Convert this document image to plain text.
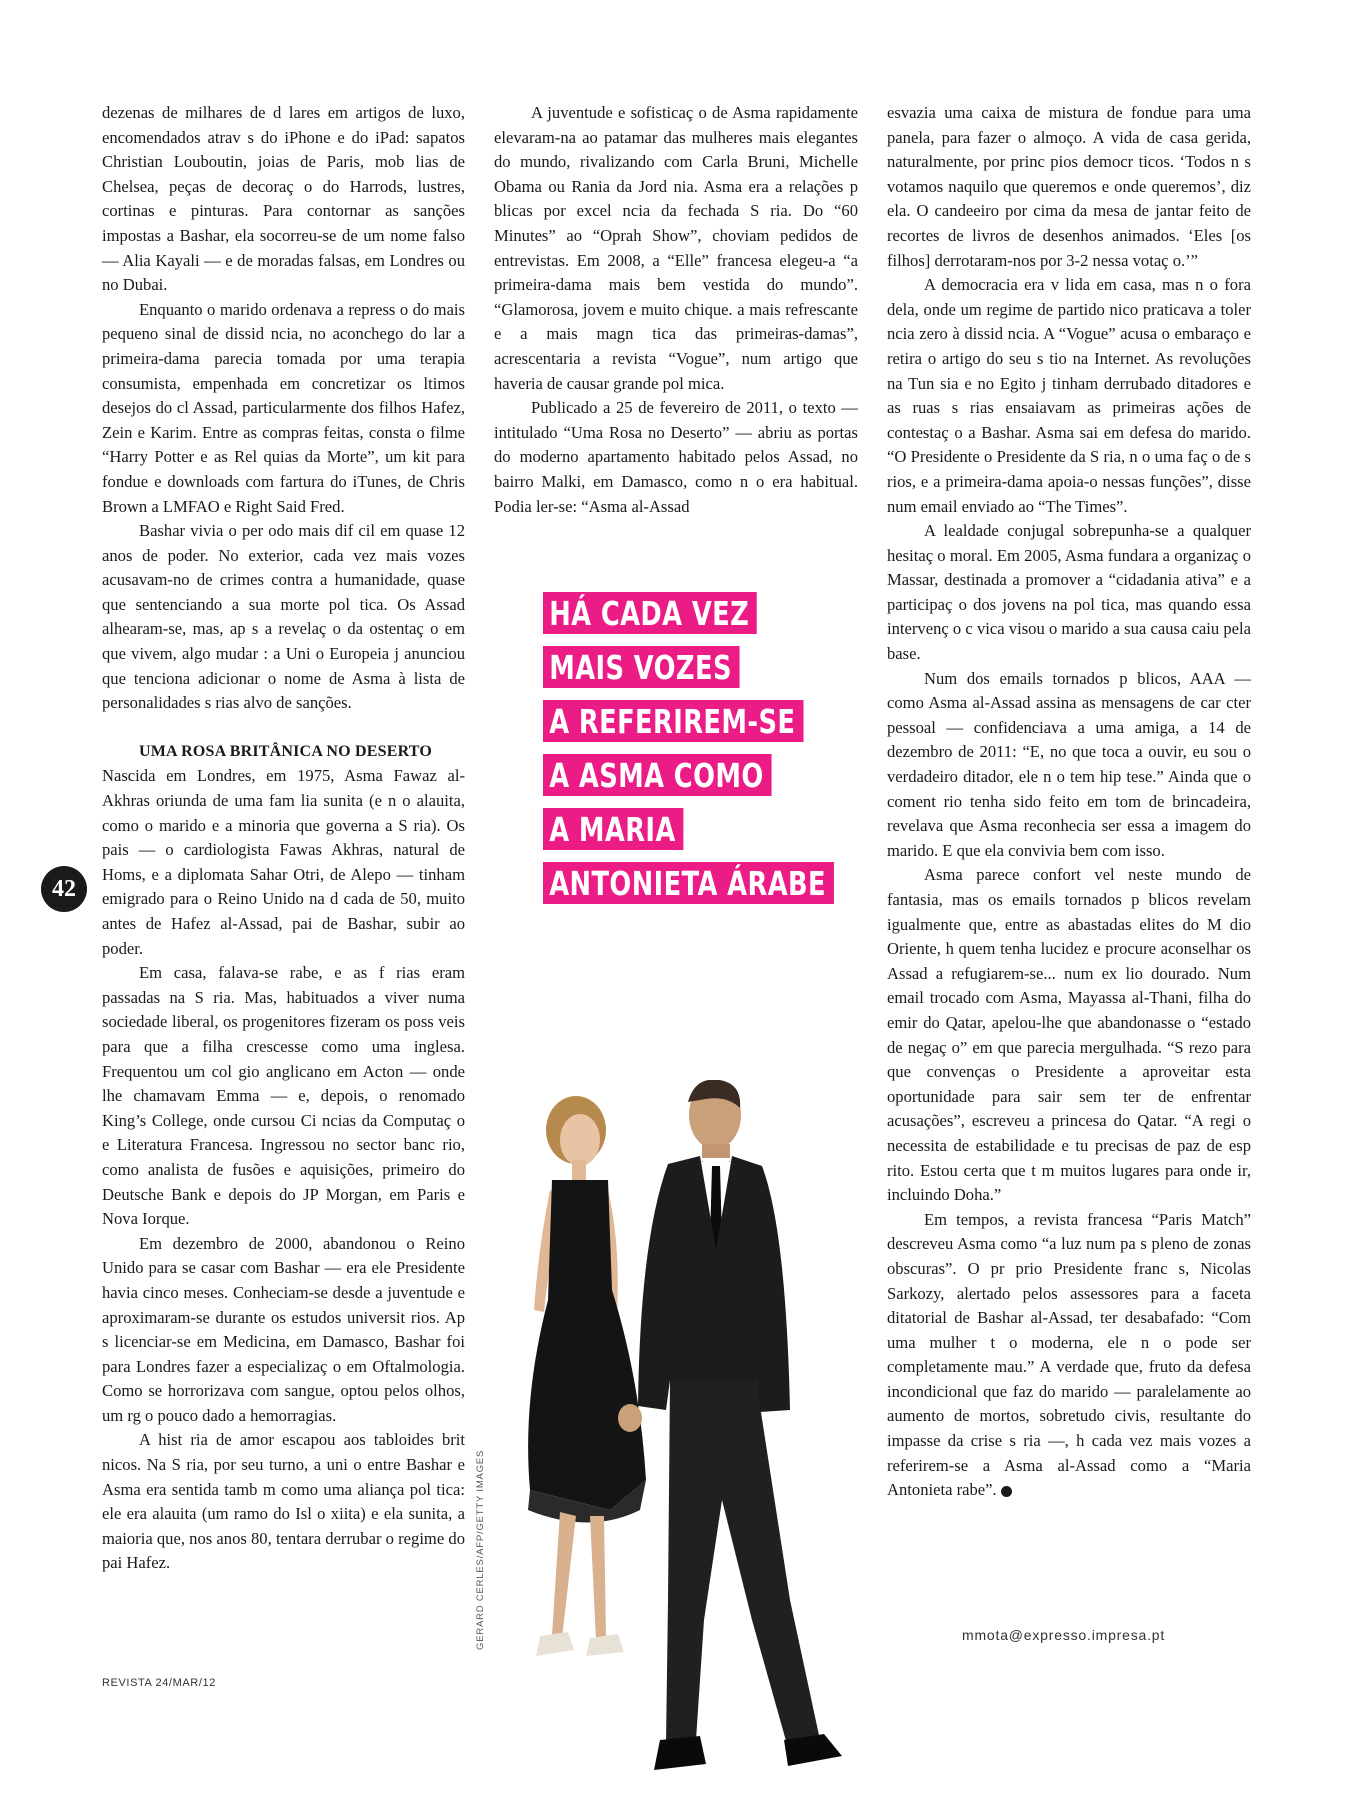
dezenas de milhares de d lares em artigos de luxo, encomendados atrav s do iPhone e do iPad: sapatos Christian Louboutin, joias de Paris, mob lias de Chelsea, peças de decoraç o do Harrods, lustres, cortinas e pinturas. Para contornar as sanções impostas a Bashar, ela socorreu-se de um nome falso — Alia Kayali — e de moradas falsas, em Londres ou no Dubai.

Enquanto o marido ordenava a repress o do mais pequeno sinal de dissid ncia, no aconchego do lar a primeira-dama parecia tomada por uma terapia consumista, empenhada em concretizar os ltimos desejos do cl Assad, particularmente dos filhos Hafez, Zein e Karim. Entre as compras feitas, consta o filme “Harry Potter e as Rel quias da Morte”, um kit para fondue e downloads com fartura do iTunes, de Chris Brown a LMFAO e Right Said Fred.

Bashar vivia o per odo mais dif cil em quase 12 anos de poder. No exterior, cada vez mais vozes acusavam-no de crimes contra a humanidade, quase que sentenciando a sua morte pol tica. Os Assad alhearam-se, mas, ap s a revelaç o da ostentaç o em que vivem, algo mudar : a Uni o Europeia j anunciou que tenciona adicionar o nome de Asma à lista de personalidades s rias alvo de sanções.

UMA ROSA BRITÂNICA NO DESERTO

Nascida em Londres, em 1975, Asma Fawaz al-Akhras oriunda de uma fam lia sunita (e n o alauita, como o marido e a minoria que governa a S ria). Os pais — o cardiologista Fawas Akhras, natural de Homs, e a diplomata Sahar Otri, de Alepo — tinham emigrado para o Reino Unido na d cada de 50, muito antes de Hafez al-Assad, pai de Bashar, subir ao poder.

Em casa, falava-se rabe, e as f rias eram passadas na S ria. Mas, habituados a viver numa sociedade liberal, os progenitores fizeram os poss veis para que a filha crescesse como uma inglesa. Frequentou um col gio anglicano em Acton — onde lhe chamavam Emma — e, depois, o renomado King’s College, onde cursou Ci ncias da Computaç o e Literatura Francesa. Ingressou no sector banc rio, como analista de fusões e aquisições, primeiro do Deutsche Bank e depois do JP Morgan, em Paris e Nova Iorque.

Em dezembro de 2000, abandonou o Reino Unido para se casar com Bashar — era ele Presidente havia cinco meses. Conheciam-se desde a juventude e aproximaram-se durante os estudos universit rios. Ap s licenciar-se em Medicina, em Damasco, Bashar foi para Londres fazer a especializaç o em Oftalmologia. Como se horrorizava com sangue, optou pelos olhos, um rg o pouco dado a hemorragias.

A hist ria de amor escapou aos tabloides brit nicos. Na S ria, por seu turno, a uni o entre Bashar e Asma era sentida tamb m como uma aliança pol tica: ele era alauita (um ramo do Isl o xiita) e ela sunita, a maioria que, nos anos 80, tentara derrubar o regime do pai Hafez.

A juventude e sofisticaç o de Asma rapidamente elevaram-na ao patamar das mulheres mais elegantes do mundo, rivalizando com Carla Bruni, Michelle Obama ou Rania da Jord nia. Asma era a relações p blicas por excel ncia da fechada S ria. Do “60 Minutes” ao “Oprah Show”, choviam pedidos de entrevistas. Em 2008, a “Elle” francesa elegeu-a “a primeira-dama mais bem vestida do mundo”. “Glamorosa, jovem e muito chique. a mais refrescante e a mais magn tica das primeiras-damas”, acrescentaria a revista “Vogue”, num artigo que haveria de causar grande pol mica.

Publicado a 25 de fevereiro de 2011, o texto — intitulado “Uma Rosa no Deserto” — abriu as portas do moderno apartamento habitado pelos Assad, no bairro Malki, em Damasco, como n o era habitual. Podia ler-se: “Asma al-Assad

esvazia uma caixa de mistura de fondue para uma panela, para fazer o almoço. A vida de casa gerida, naturalmente, por princ pios democr ticos. ‘Todos n s votamos naquilo que queremos e onde queremos’, diz ela. O candeeiro por cima da mesa de jantar feito de recortes de livros de desenhos animados. ‘Eles [os filhos] derrotaram-nos por 3-2 nessa votaç o.’”

A democracia era v lida em casa, mas n o fora dela, onde um regime de partido nico praticava a toler ncia zero à dissid ncia. A “Vogue” acusa o embaraço e retira o artigo do seu s tio na Internet. As revoluções na Tun sia e no Egito j tinham derrubado ditadores e as ruas s rias ensaiavam as primeiras ações de contestaç o a Bashar. Asma sai em defesa do marido. “O Presidente o Presidente da S ria, n o uma faç o de s rios, e a primeira-dama apoia-o nessas funções”, disse num email enviado ao “The Times”.

A lealdade conjugal sobrepunha-se a qualquer hesitaç o moral. Em 2005, Asma fundara a organizaç o Massar, destinada a promover a “cidadania ativa” e a participaç o dos jovens na pol tica, mas quando essa intervenç o c vica visou o marido a sua causa caiu pela base.

Num dos emails tornados p blicos, AAA — como Asma al-Assad assina as mensagens de car cter pessoal — confidenciava a uma amiga, a 14 de dezembro de 2011: “E, no que toca a ouvir, eu sou o verdadeiro ditador, ele n o tem hip tese.” Ainda que o coment rio tenha sido feito em tom de brincadeira, revelava que Asma reconhecia ser essa a imagem do marido. E que ela convivia bem com isso.

Asma parece confort vel neste mundo de fantasia, mas os emails tornados p blicos revelam igualmente que, entre as abastadas elites do M dio Oriente, h quem tenha lucidez e procure aconselhar os Assad a refugiarem-se... num ex lio dourado. Num email trocado com Asma, Mayassa al-Thani, filha do emir do Qatar, apelou-lhe que abandonasse o “estado de negaç o” em que parecia mergulhada. “S rezo para que convenças o Presidente a aproveitar esta oportunidade para sair sem ter de enfrentar acusações”, escreveu a princesa do Qatar. “A regi o necessita de estabilidade e tu precisas de paz de esp rito. Estou certa que t m muitos lugares para onde ir, incluindo Doha.”

Em tempos, a revista francesa “Paris Match” descreveu Asma como “a luz num pa s pleno de zonas obscuras”. O pr prio Presidente franc s, Nicolas Sarkozy, alertado pelos assessores para a faceta ditatorial de Bashar al-Assad, ter desabafado: “Com uma mulher t o moderna, ele n o pode ser completamente mau.” A verdade que, fruto da defesa incondicional que faz do marido — paralelamente ao aumento de mortos, sobretudo civis, resultante do impasse da crise s ria —, h cada vez mais vozes a referirem-se a Asma al-Assad como a “Maria Antonieta rabe”.

HÁ CADA VEZ
MAIS VOZES
A REFERIREM-SE
A ASMA COMO
A MARIA
ANTONIETA ÁRABE
42
GERARD CERLES/AFP/GETTY IMAGES	mmota@expresso.impresa.pt
REVISTA 24/MAR/12
